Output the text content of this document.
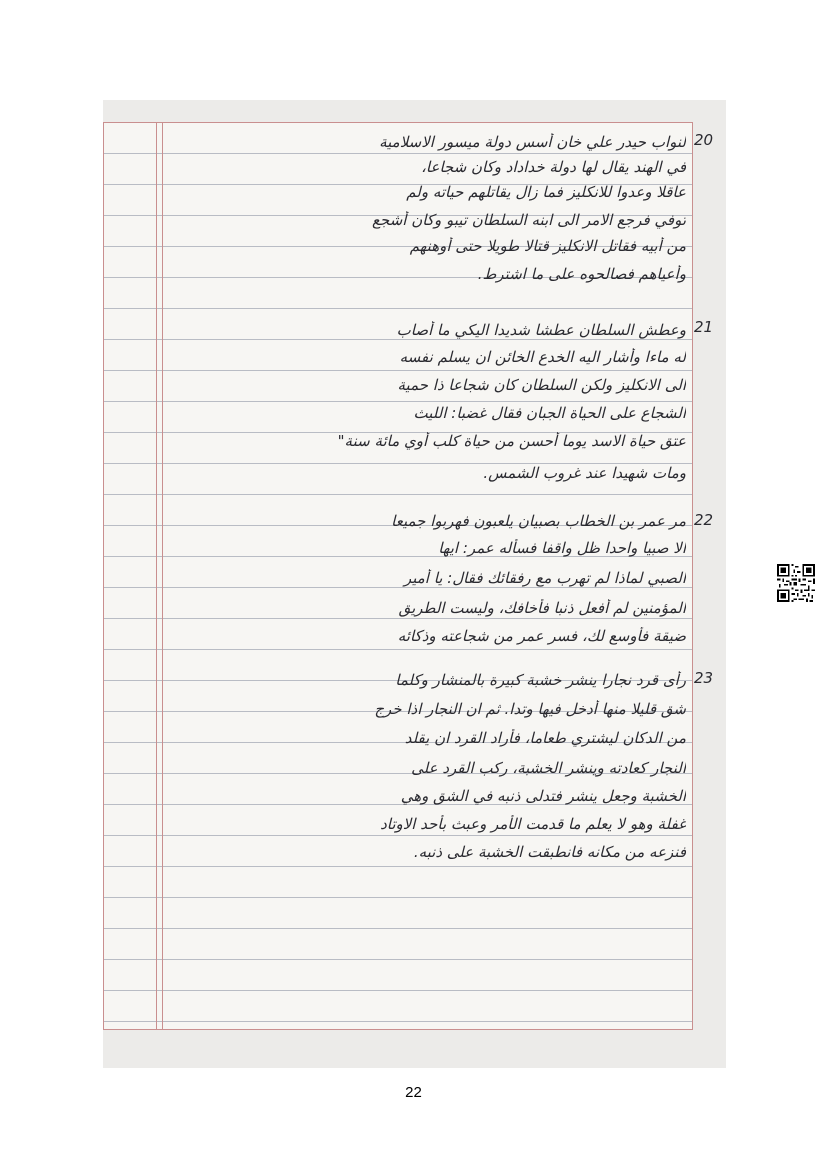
20
لنواب حيدر علي خان أسس دولة ميسور الاسلامية
في الهند يقال لها دولة خداداد وكان شجاعا،
عاقلا وعدوا للانكليز فما زال يقاتلهم حياته ولم
توفي فرجع الامر الى ابنه السلطان تيبو وكان أشجع
من أبيه فقاتل الانكليز قتالا طويلا حتى أوهنهم
وأعياهم فصالحوه على ما اشترط.
21
وعطش السلطان عطشا شديدا اليكي ما أصاب
له ماءا وأشار اليه الخدع الخائن ان يسلم نفسه
الى الانكليز ولكن السلطان كان شجاعا ذا حمية
الشجاع على الحياة الجبان فقال غضبا: الليث
عتق حياة الاسد يوما أحسن من حياة كلب أوي مائة سنة"
ومات شهيدا عند غروب الشمس.
22
مر عمر بن الخطاب بصبيان يلعبون فهربوا جميعا
الا صبيا واحدا ظل واقفا فسأله عمر: ايها
الصبي لماذا لم تهرب مع رفقائك فقال: يا أمير
المؤمنين لم أفعل ذنبا فأخافك، وليست الطريق
ضيقة فأوسع لك، فسر عمر من شجاعته وذكائه
23
رأى قرد نجارا ينشر خشبة كبيرة بالمنشار وكلما
شق قليلا منها أدخل فيها وتدا. ثم ان النجار اذا خرج
من الدكان ليشتري طعاما، فأراد القرد ان يقلد
النجار كعادته وينشر الخشبة، ركب القرد على
الخشبة وجعل ينشر فتدلى ذنبه في الشق وهي
غفلة وهو لا يعلم ما قدمت الأمر وعبث بأحد الاوتاد
فنزعه من مكانه فانطبقت الخشبة على ذنبه.
22
